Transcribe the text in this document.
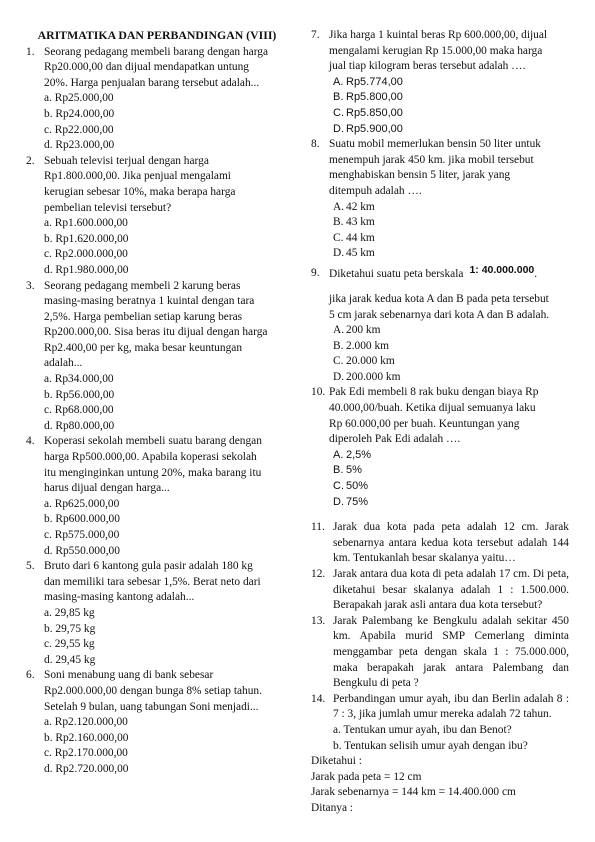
ARITMATIKA DAN PERBANDINGAN (VIII)
1. Seorang pedagang membeli barang dengan harga
Rp20.000,00 dan dijual mendapatkan untung
20%. Harga penjualan barang tersebut adalah...
a. Rp25.000,00
b. Rp24.000,00
c. Rp22.000,00
d. Rp23.000,00
2. Sebuah televisi terjual dengan harga
Rp1.800.000,00. Jika penjual mengalami
kerugian sebesar 10%, maka berapa harga
pembelian televisi tersebut?
a. Rp1.600.000,00
b. Rp1.620.000,00
c. Rp2.000.000,00
d. Rp1.980.000,00
3. Seorang pedagang membeli 2 karung beras
masing-masing beratnya 1 kuintal dengan tara
2,5%. Harga pembelian setiap karung beras
Rp200.000,00. Sisa beras itu dijual dengan harga
Rp2.400,00 per kg, maka besar keuntungan
adalah...
a. Rp34.000,00
b. Rp56.000,00
c. Rp68.000,00
d. Rp80.000,00
4. Koperasi sekolah membeli suatu barang dengan
harga Rp500.000,00. Apabila koperasi sekolah
itu menginginkan untung 20%, maka barang itu
harus dijual dengan harga...
a. Rp625.000,00
b. Rp600.000,00
c. Rp575.000,00
d. Rp550.000,00
5. Bruto dari 6 kantong gula pasir adalah 180 kg
dan memiliki tara sebesar 1,5%. Berat neto dari
masing-masing kantong adalah...
a. 29,85 kg
b. 29,75 kg
c. 29,55 kg
d. 29,45 kg
6. Soni menabung uang di bank sebesar
Rp2.000.000,00 dengan bunga 8% setiap tahun.
Setelah 9 bulan, uang tabungan Soni menjadi...
a. Rp2.120.000,00
b. Rp2.160.000,00
c. Rp2.170.000,00
d. Rp2.720.000,00
7. Jika harga 1 kuintal beras Rp 600.000,00, dijual
mengalami kerugian Rp 15.000,00 maka harga
jual tiap kilogram beras tersebut adalah ….
A. Rp5.774,00
B. Rp5.800,00
C. Rp5.850,00
D. Rp5.900,00
8. Suatu mobil memerlukan bensin 50 liter untuk
menempuh jarak 450 km. jika mobil tersebut
menghabiskan bensin 5 liter, jarak yang
ditempuh adalah ….
A. 42 km
B. 43 km
C. 44 km
D. 45 km
9. Diketahui suatu peta berskala 1: 40.000.000.
jika jarak kedua kota A dan B pada peta tersebut
5 cm jarak sebenarnya dari kota A dan B adalah.
A. 200 km
B. 2.000 km
C. 20.000 km
D. 200.000 km
10. Pak Edi membeli 8 rak buku dengan biaya Rp
40.000,00/buah. Ketika dijual semuanya laku
Rp 60.000,00 per buah. Keuntungan yang
diperoleh Pak Edi adalah ….
A. 2,5%
B. 5%
C. 50%
D. 75%
11. Jarak dua kota pada peta adalah 12 cm. Jarak sebenarnya antara kedua kota tersebut adalah 144 km. Tentukanlah besar skalanya yaitu…
12. Jarak antara dua kota di peta adalah 17 cm. Di peta, diketahui besar skalanya adalah 1 : 1.500.000. Berapakah jarak asli antara dua kota tersebut?
13. Jarak Palembang ke Bengkulu adalah sekitar 450 km. Apabila murid SMP Cemerlang diminta menggambar peta dengan skala 1 : 75.000.000, maka berapakah jarak antara Palembang dan Bengkulu di peta ?
14. Perbandingan umur ayah, ibu dan Berlin adalah 8 : 7 : 3, jika jumlah umur mereka adalah 72 tahun.
a. Tentukan umur ayah, ibu dan Benot?
b. Tentukan selisih umur ayah dengan ibu?
Diketahui :
Jarak pada peta = 12 cm
Jarak sebenarnya = 144 km = 14.400.000 cm
Ditanya :
